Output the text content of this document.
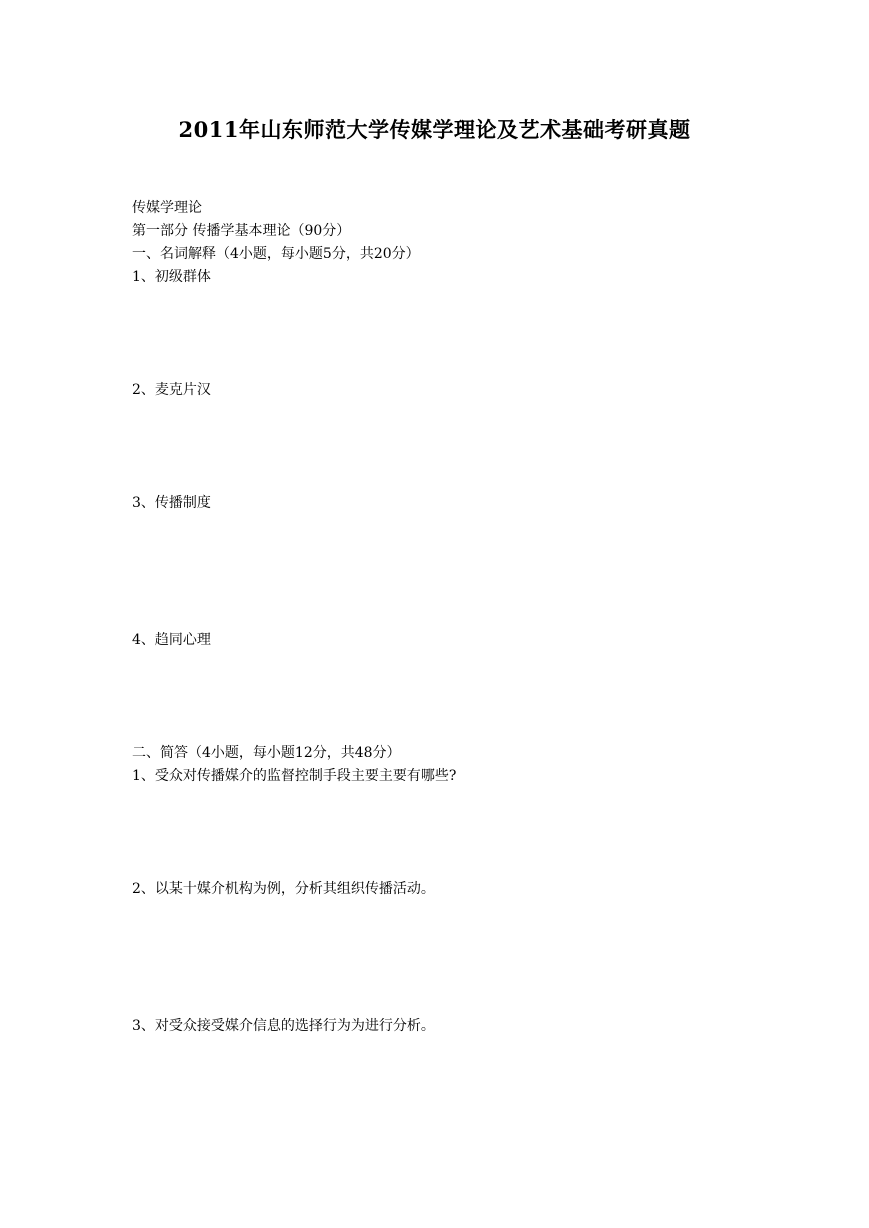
2011年山东师范大学传媒学理论及艺术基础考研真题
传媒学理论
第一部分 传播学基本理论（90分）
一、名词解释（4小题，每小题5分，共20分）
1、初级群体
2、麦克片汉
3、传播制度
4、趋同心理
二、简答（4小题，每小题12分，共48分）
1、受众对传播媒介的监督控制手段主要主要有哪些?
2、以某十媒介机构为例，分析其组织传播活动。
3、对受众接受媒介信息的选择行为为进行分析。
